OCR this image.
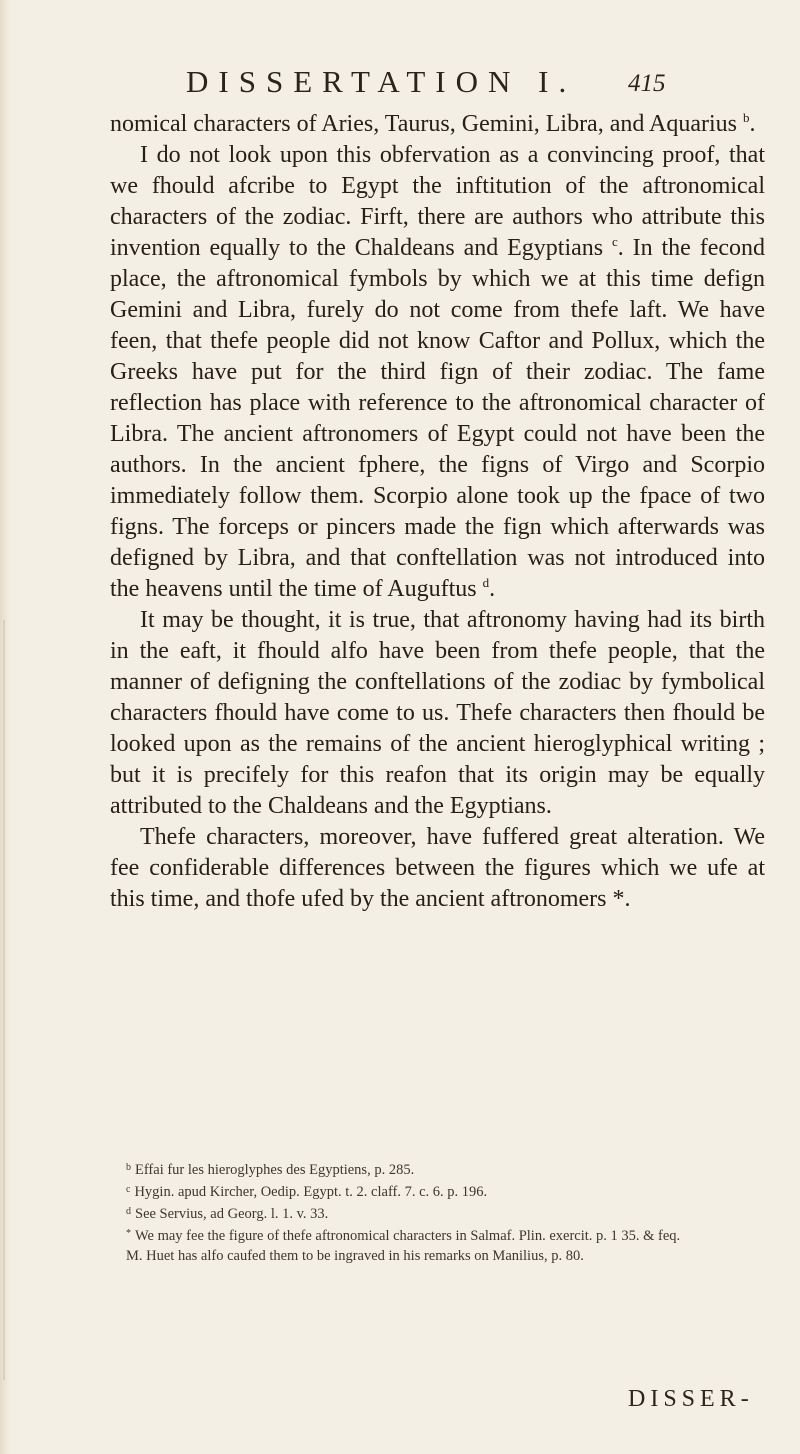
DISSERTATION I. 415

nomical characters of Aries, Taurus, Gemini, Libra, and Aquarius $^b$.

I do not look upon this obfervation as a convincing proof, that we fhould afcribe to Egypt the inftitution of the aftronomical characters of the zodiac. Firft, there are authors who attribute this invention equally to the Chaldeans and Egyptians $^c$. In the fecond place, the aftronomical fymbols by which we at this time defign Gemini and Libra, furely do not come from thefe laft. We have feen, that thefe people did not know Caftor and Pollux, which the Greeks have put for the third fign of their zodiac. The fame reflection has place with reference to the aftronomical character of Libra. The ancient aftronomers of Egypt could not have been the authors. In the ancient fphere, the figns of Virgo and Scorpio immediately follow them. Scorpio alone took up the fpace of two figns. The forceps or pincers made the fign which afterwards was defigned by Libra, and that conftellation was not introduced into the heavens until the time of Auguftus $^d$.

It may be thought, it is true, that aftronomy having had its birth in the eaft, it fhould alfo have been from thefe people, that the manner of defigning the conftellations of the zodiac by fymbolical characters fhould have come to us. Thefe characters then fhould be looked upon as the remains of the ancient hieroglyphical writing ; but it is precifely for this reafon that its origin may be equally attributed to the Chaldeans and the Egyptians.

Thefe characters, moreover, have fuffered great alteration. We fee confiderable differences between the figures which we ufe at this time, and thofe ufed by the ancient aftronomers *.

$^b$ Effai fur les hieroglyphes des Egyptiens, p. 285.

$^c$ Hygin. apud Kircher, Oedip. Egypt. t. 2. claff. 7. c. 6. p. 196.

$^d$ See Servius, ad Georg. l. 1. v. 33.

* We may fee the figure of thefe aftronomical characters in Salmaf. Plin. exercit. p. 1 35. & feq.

M. Huet has alfo caufed them to be ingraved in his remarks on Manilius, p. 80.

DISSER-
